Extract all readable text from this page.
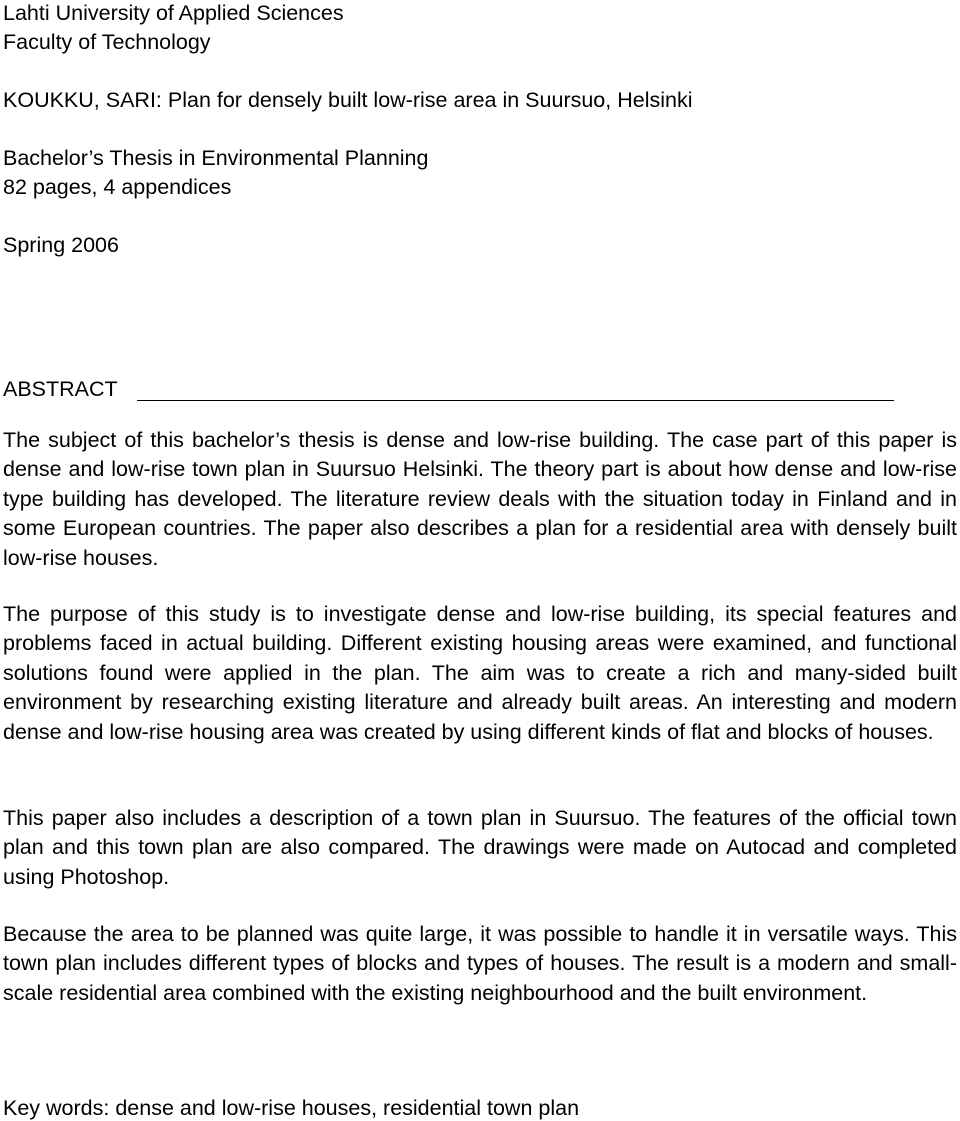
Lahti University of Applied Sciences
Faculty of Technology
KOUKKU, SARI: Plan for densely built low-rise area in Suursuo, Helsinki
Bachelor’s Thesis in Environmental Planning
82 pages, 4 appendices
Spring 2006
ABSTRACT

The subject of this bachelor’s thesis is dense and low-rise building. The case part of this paper is dense and low-rise town plan in Suursuo Helsinki. The theory part is about how dense and low-rise type building has developed. The literature review deals with the situation today in Finland and in some European countries. The paper also describes a plan for a residential area with densely built low-rise houses.

The purpose of this study is to investigate dense and low-rise building, its special features and problems faced in actual building. Different existing housing areas were examined, and functional solutions found were applied in the plan. The aim was to create a rich and many-sided built environment by researching existing literature and already built areas. An interesting and modern dense and low-rise housing area was created by using different kinds of flat and blocks of houses.

This paper also includes a description of a town plan in Suursuo. The features of the official town plan and this town plan are also compared. The drawings were made on Autocad and completed using Photoshop.

Because the area to be planned was quite large, it was possible to handle it in versatile ways. This town plan includes different types of blocks and types of houses. The result is a modern and small-scale residential area combined with the existing neighbourhood and the built environment.

Key words: dense and low-rise houses, residential town plan
